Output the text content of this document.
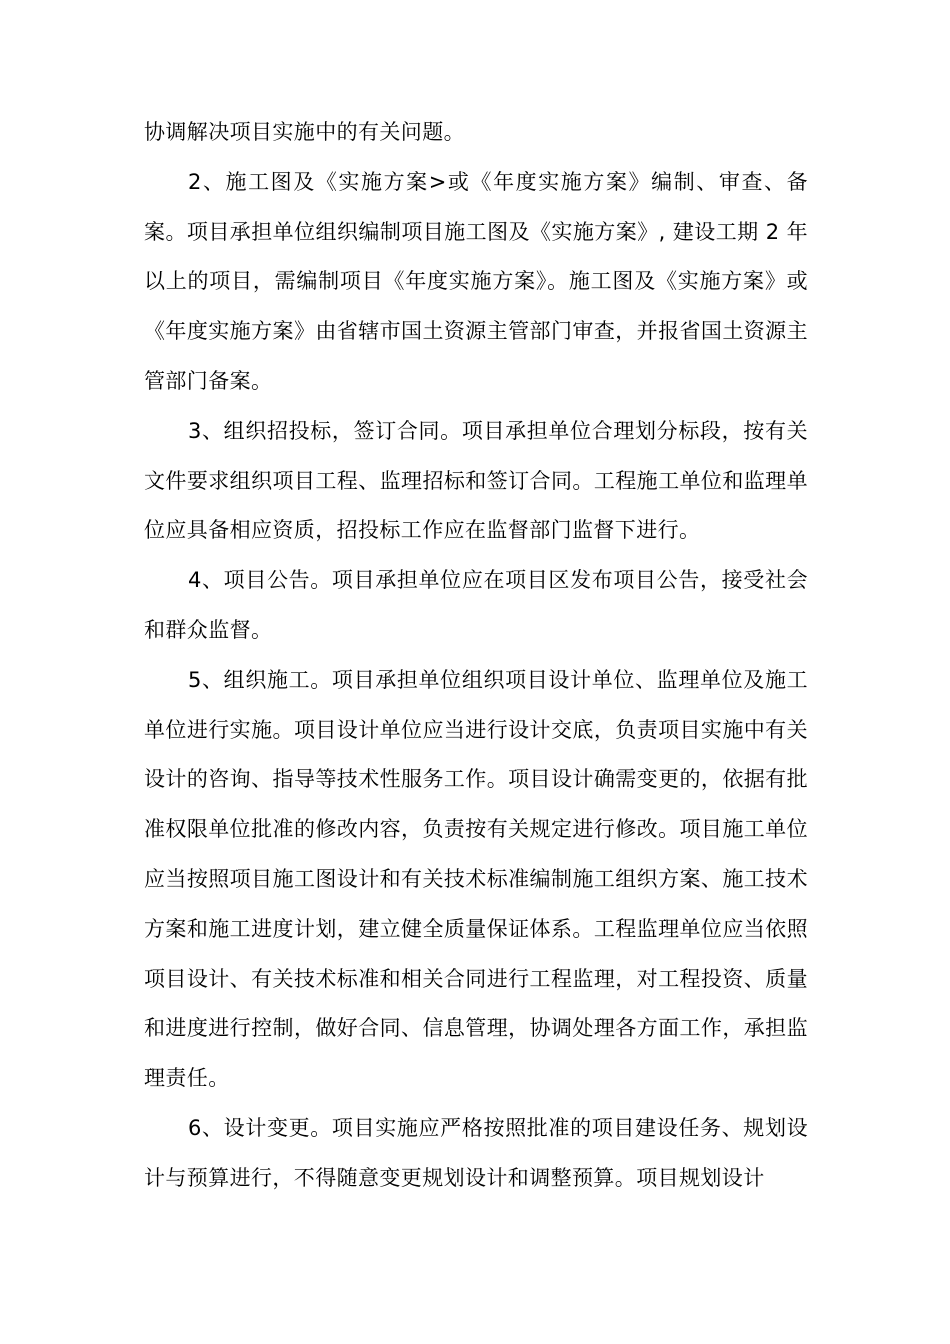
协调解决项目实施中的有关问题。

2、施工图及《实施方案>或《年度实施方案》编制、审查、备案。项目承担单位组织编制项目施工图及《实施方案》, 建设工期 2 年以上的项目，需编制项目《年度实施方案》。施工图及《实施方案》或《年度实施方案》由省辖市国土资源主管部门审查，并报省国土资源主管部门备案。

3、组织招投标，签订合同。项目承担单位合理划分标段，按有关文件要求组织项目工程、监理招标和签订合同。工程施工单位和监理单位应具备相应资质，招投标工作应在监督部门监督下进行。

4、项目公告。项目承担单位应在项目区发布项目公告，接受社会和群众监督。

5、组织施工。项目承担单位组织项目设计单位、监理单位及施工单位进行实施。项目设计单位应当进行设计交底，负责项目实施中有关设计的咨询、指导等技术性服务工作。项目设计确需变更的，依据有批准权限单位批准的修改内容，负责按有关规定进行修改。项目施工单位应当按照项目施工图设计和有关技术标准编制施工组织方案、施工技术方案和施工进度计划，建立健全质量保证体系。工程监理单位应当依照项目设计、有关技术标准和相关合同进行工程监理，对工程投资、质量和进度进行控制，做好合同、信息管理，协调处理各方面工作，承担监理责任。

6、设计变更。项目实施应严格按照批准的项目建设任务、规划设计与预算进行，不得随意变更规划设计和调整预算。项目规划设计
